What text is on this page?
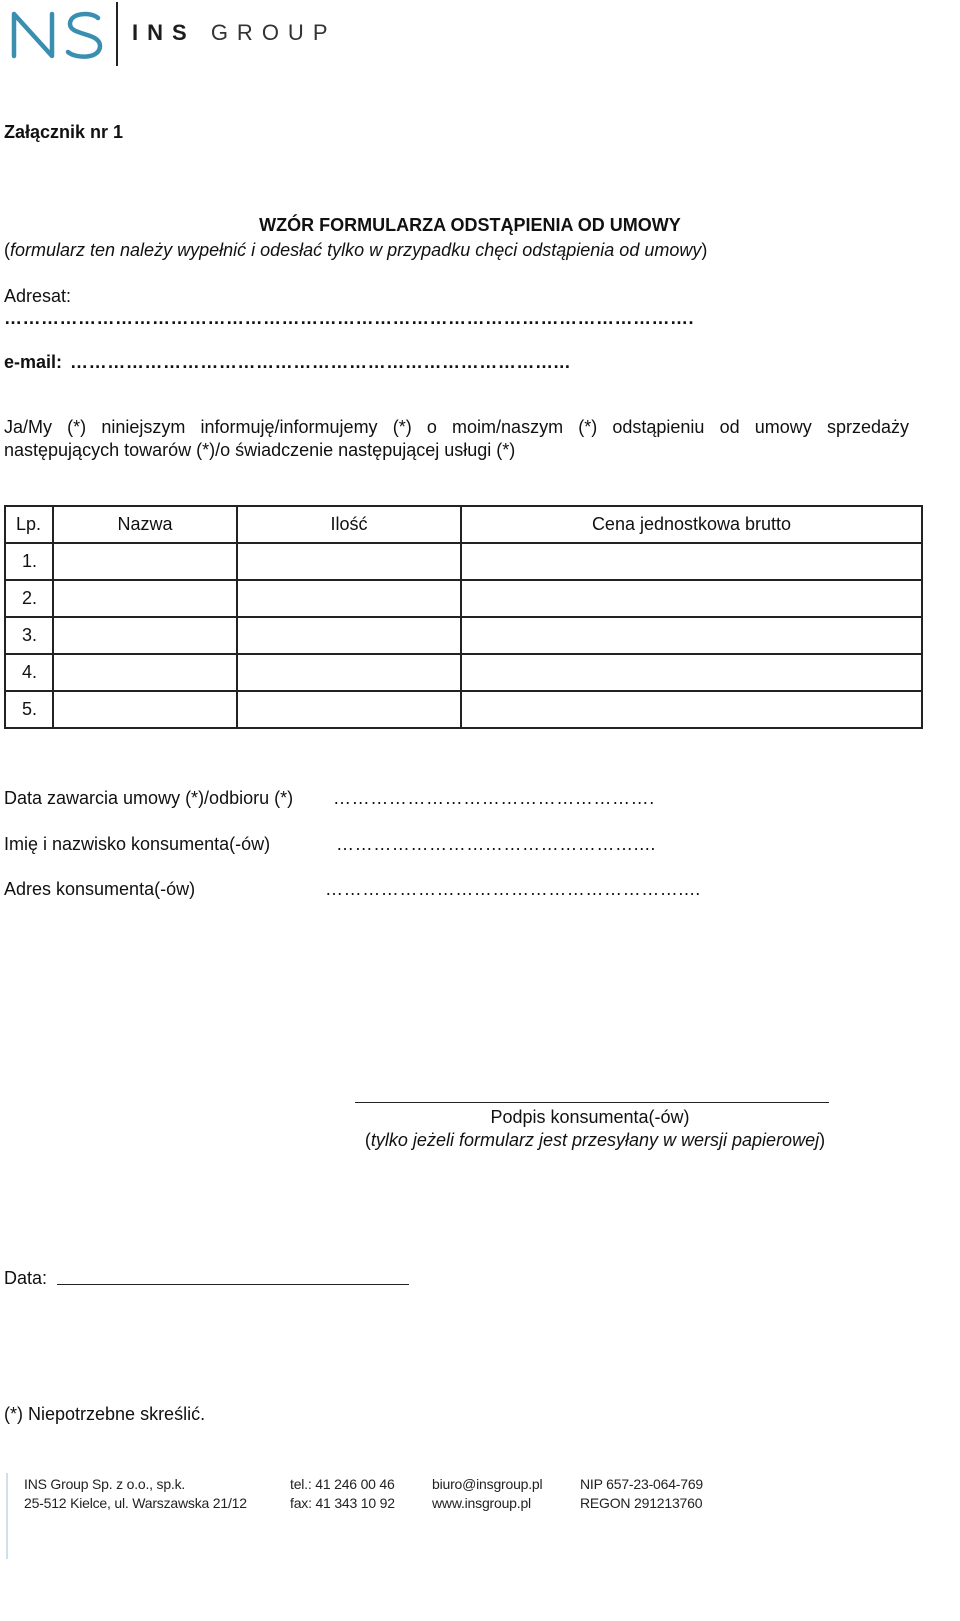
INS GROUP
Załącznik nr 1
WZÓR FORMULARZA ODSTĄPIENIA OD UMOWY
(formularz ten należy wypełnić i odesłać tylko w przypadku chęci odstąpienia od umowy)
Adresat:
………………………………………………………………………………………………….
e-mail: ……………………………………………………………………...
Ja/My (*) niniejszym informuję/informujemy (*) o moim/naszym (*) odstąpieniu od umowy sprzedaży następujących towarów (*)/o świadczenie następującej usługi (*)
Lp.	Nazwa	Ilość	Cena jednostkowa brutto
1.			
2.			
3.			
4.			
5.			
Data zawarcia umowy (*)/odbioru (*) …………………………………………….
Imię i nazwisko konsumenta(-ów)	…………………………………………....
Adres konsumenta(-ów)	…………………………………………………....
Podpis konsumenta(-ów)
(tylko jeżeli formularz jest przesyłany w wersji papierowej)
Data:
(*) Niepotrzebne skreślić.
INS Group Sp. z o.o., sp.k.
25-512 Kielce, ul. Warszawska 21/12
tel.: 41 246 00 46
fax: 41 343 10 92
biuro@insgroup.pl
www.insgroup.pl
NIP 657-23-064-769
REGON 291213760
